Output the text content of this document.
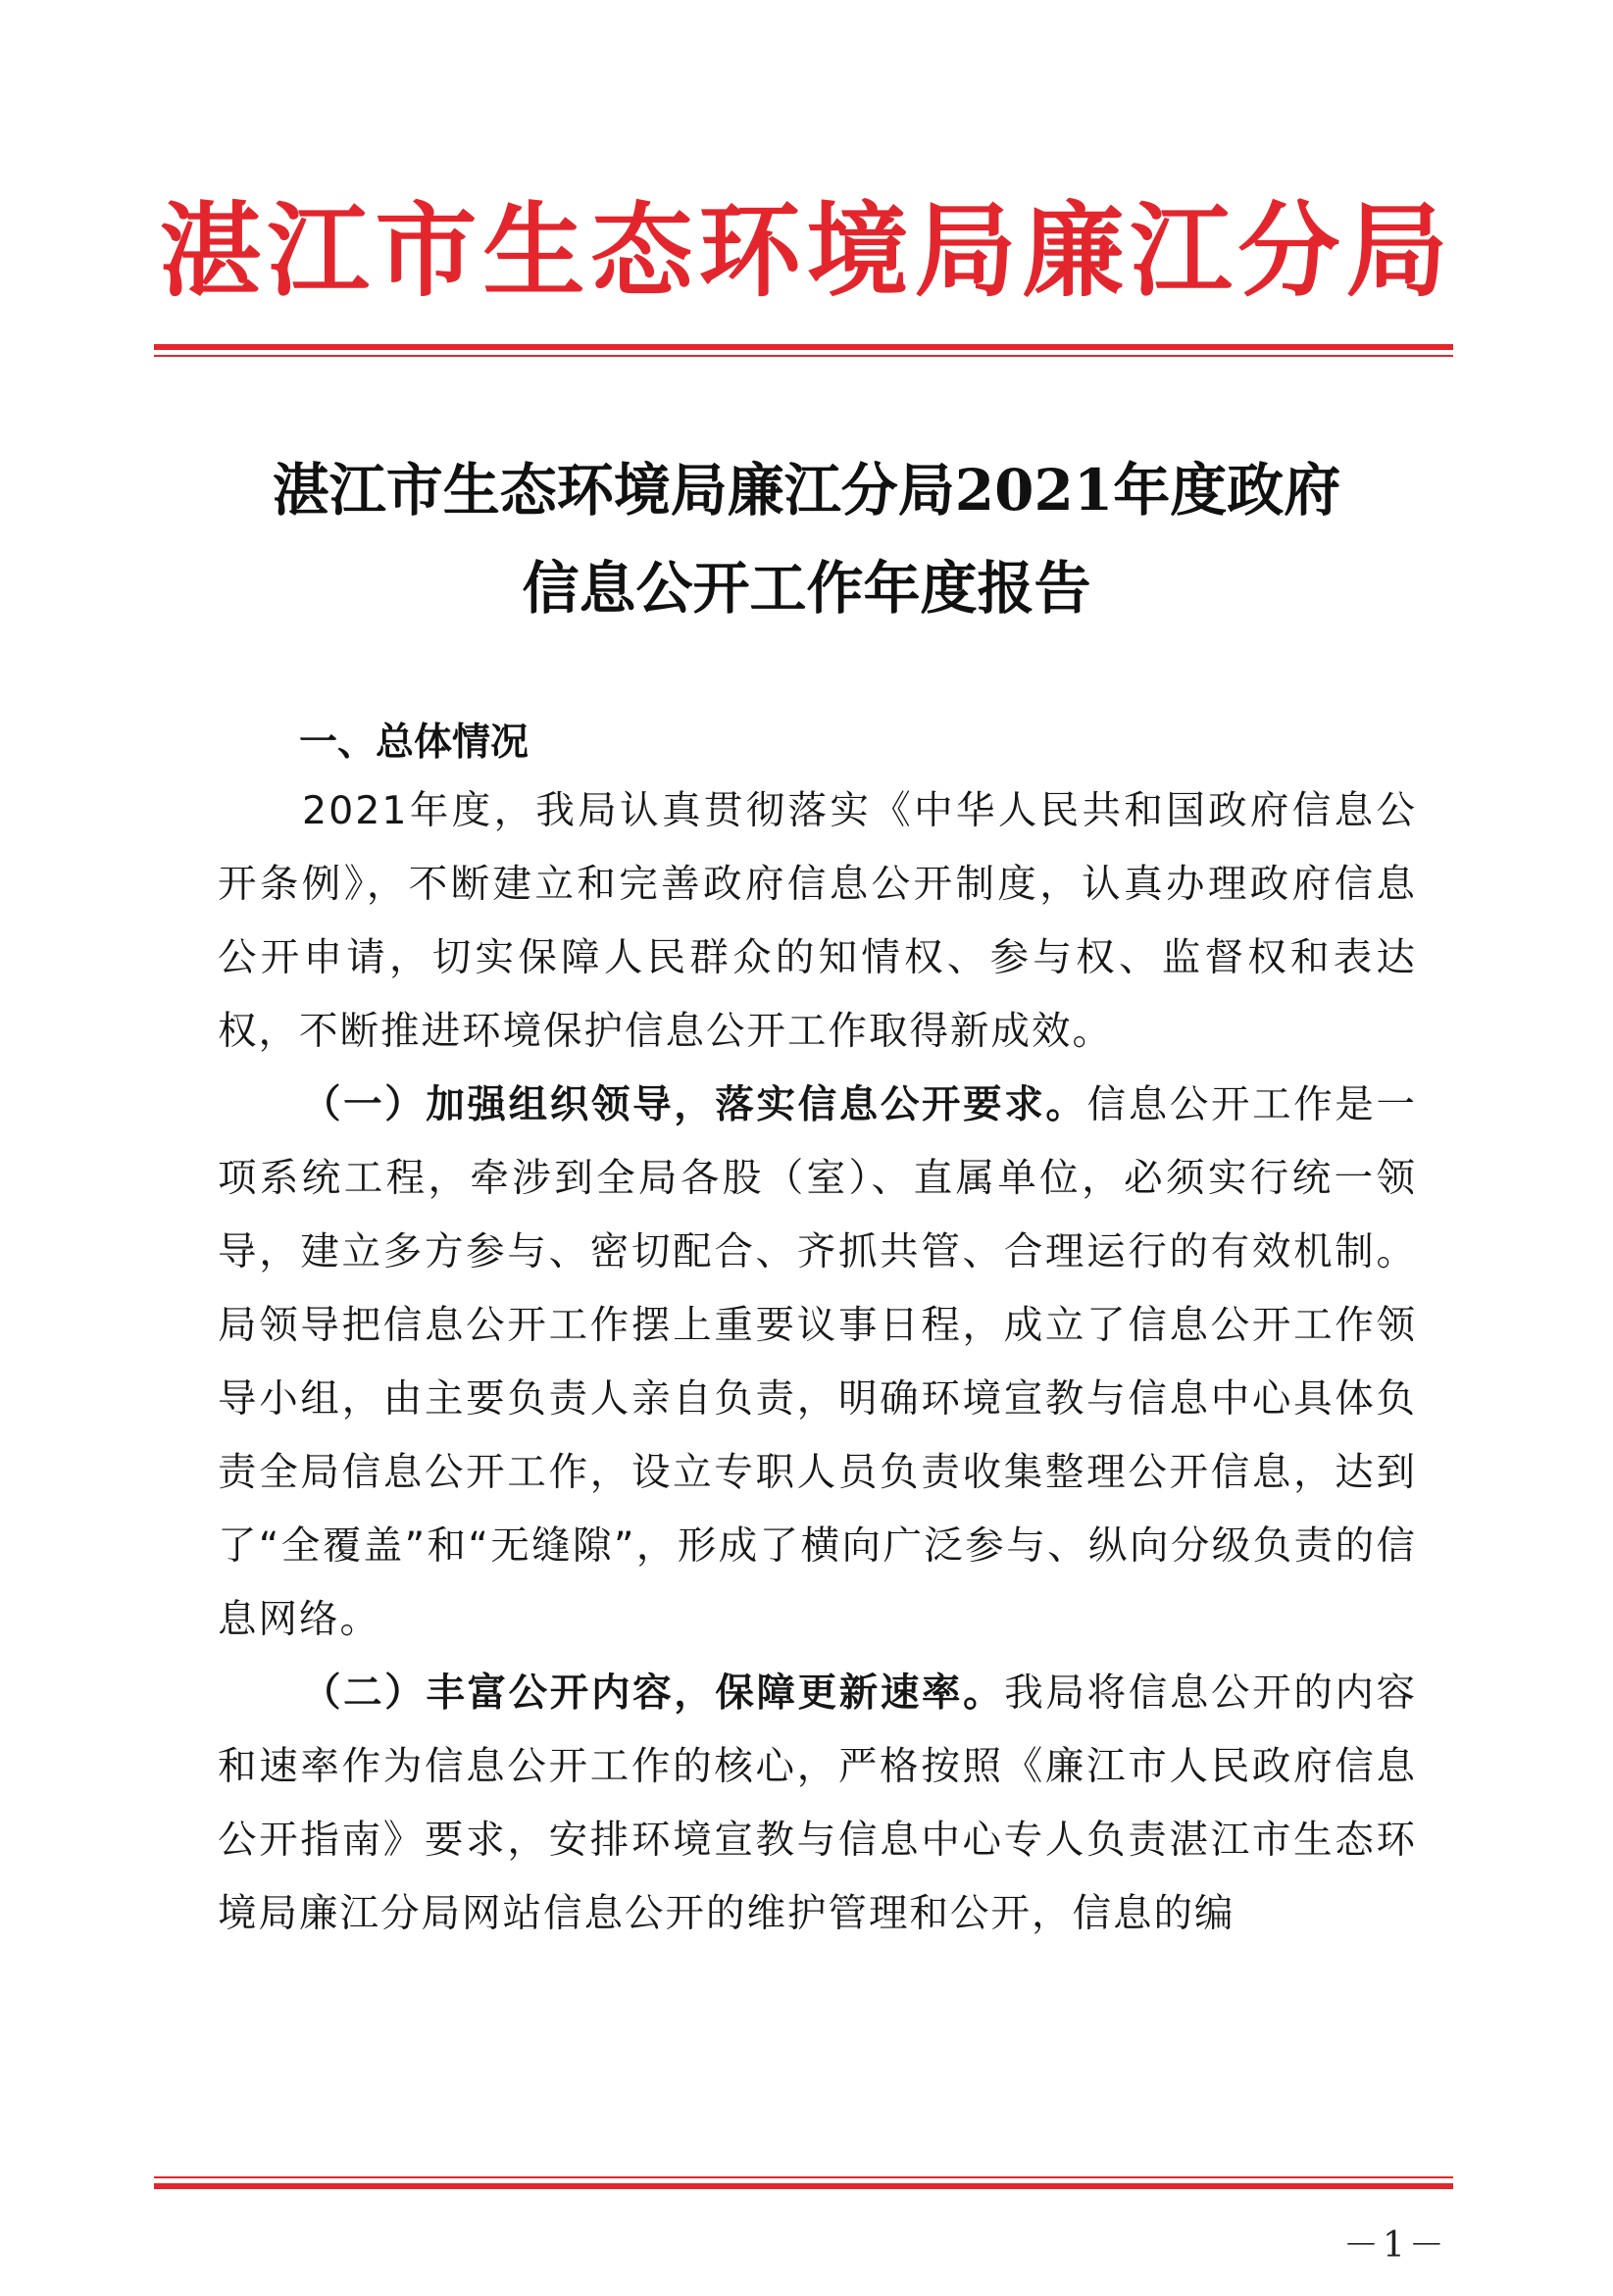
湛江市生态环境局廉江分局
湛江市生态环境局廉江分局2021年度政府
信息公开工作年度报告
一、总体情况

2021年度，我局认真贯彻落实《中华人民共和国政府信息公开条例》，不断建立和完善政府信息公开制度，认真办理政府信息公开申请，切实保障人民群众的知情权、参与权、监督权和表达权，不断推进环境保护信息公开工作取得新成效。

（一）加强组织领导，落实信息公开要求。信息公开工作是一项系统工程，牵涉到全局各股（室）、直属单位，必须实行统一领导，建立多方参与、密切配合、齐抓共管、合理运行的有效机制。局领导把信息公开工作摆上重要议事日程，成立了信息公开工作领导小组，由主要负责人亲自负责，明确环境宣教与信息中心具体负责全局信息公开工作，设立专职人员负责收集整理公开信息，达到了“全覆盖”和“无缝隙”，形成了横向广泛参与、纵向分级负责的信息网络。

（二）丰富公开内容，保障更新速率。我局将信息公开的内容和速率作为信息公开工作的核心，严格按照《廉江市人民政府信息公开指南》要求，安排环境宣教与信息中心专人负责湛江市生态环境局廉江分局网站信息公开的维护管理和公开，信息的编

－1－
